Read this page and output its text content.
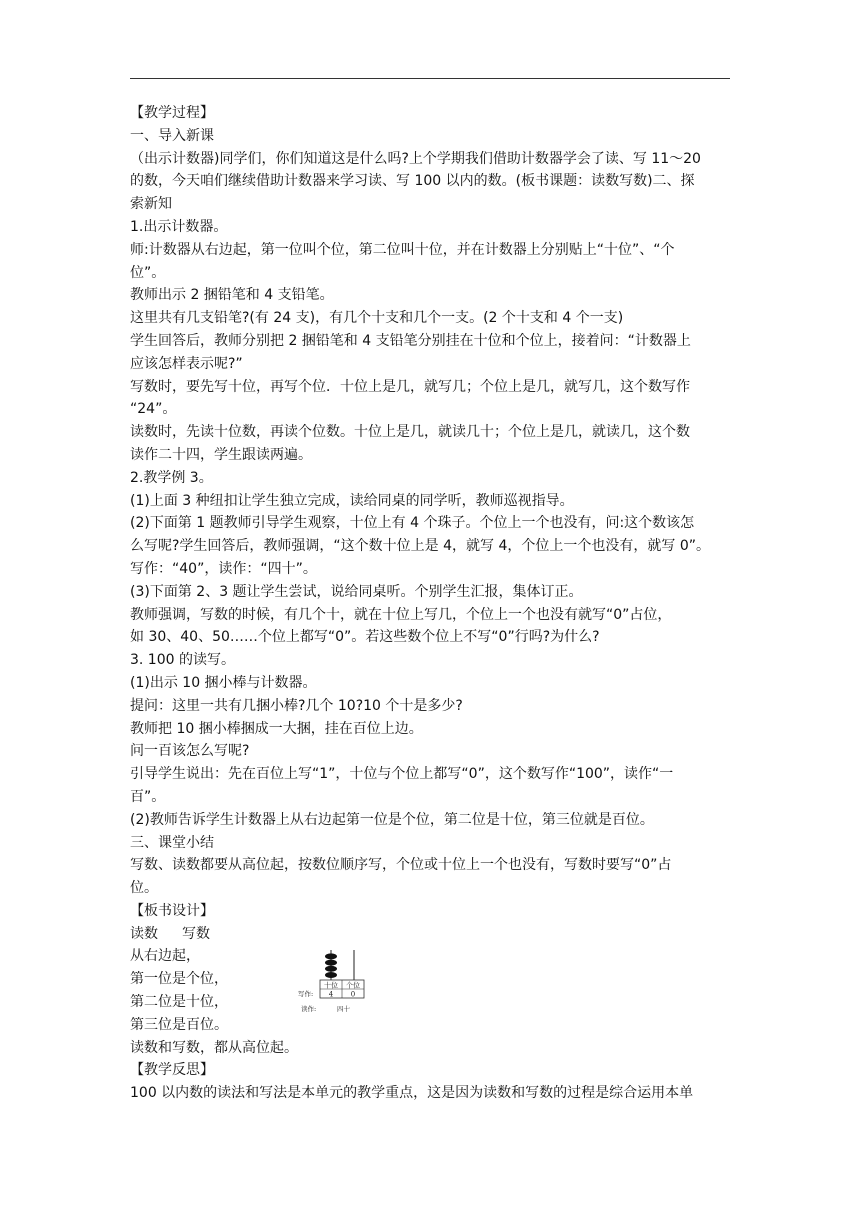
【教学过程】

一、导入新课

（出示计数器)同学们，你们知道这是什么吗?上个学期我们借助计数器学会了读、写 11～20

的数，今天咱们继续借助计数器来学习读、写 100 以内的数。(板书课题：读数写数)二、探

索新知

1.出示计数器。

师:计数器从右边起，第一位叫个位，第二位叫十位，并在计数器上分别贴上“十位”、“个

位”。

教师出示 2 捆铅笔和 4 支铅笔。

这里共有几支铅笔?(有 24 支)，有几个十支和几个一支。(2 个十支和 4 个一支)

学生回答后，教师分别把 2 捆铅笔和 4 支铅笔分别挂在十位和个位上，接着问：“计数器上

应该怎样表示呢?”

写数时，要先写十位，再写个位．十位上是几，就写几；个位上是几，就写几，这个数写作

“24”。

读数时，先读十位数，再读个位数。十位上是几，就读几十；个位上是几，就读几，这个数

读作二十四，学生跟读两遍。

2.教学例 3。

(1)上面 3 种纽扣让学生独立完成，读给同桌的同学听，教师巡视指导。

(2)下面第 1 题教师引导学生观察，十位上有 4 个珠子。个位上一个也没有，问:这个数该怎

么写呢?学生回答后，教师强调，“这个数十位上是 4，就写 4，个位上一个也没有，就写 0”。

写作：“40”，读作：“四十”。

(3)下面第 2、3 题让学生尝试，说给同桌听。个别学生汇报，集体订正。

教师强调，写数的时候，有几个十，就在十位上写几，个位上一个也没有就写“0”占位，

如 30、40、50……个位上都写“0”。若这些数个位上不写“0”行吗?为什么?

3. 100 的读写。

(1)出示 10 捆小棒与计数器。

提问：这里一共有几捆小棒?几个 10?10 个十是多少?

教师把 10 捆小棒捆成一大捆，挂在百位上边。

问一百该怎么写呢?

引导学生说出：先在百位上写“1”，十位与个位上都写“0”，这个数写作“100”，读作“一

百”。

(2)教师告诉学生计数器上从右边起第一位是个位，第二位是十位，第三位就是百位。

三、课堂小结

写数、读数都要从高位起，按数位顺序写，个位或十位上一个也没有，写数时要写“0”占

位。

【板书设计】

读数	写数

从右边起，

第一位是个位，

第二位是十位，

第三位是百位。

读数和写数，都从高位起。

【教学反思】

100 以内数的读法和写法是本单元的教学重点，这是因为读数和写数的过程是综合运用本单

十位 个位
4	0
写作:
读作:	四十
